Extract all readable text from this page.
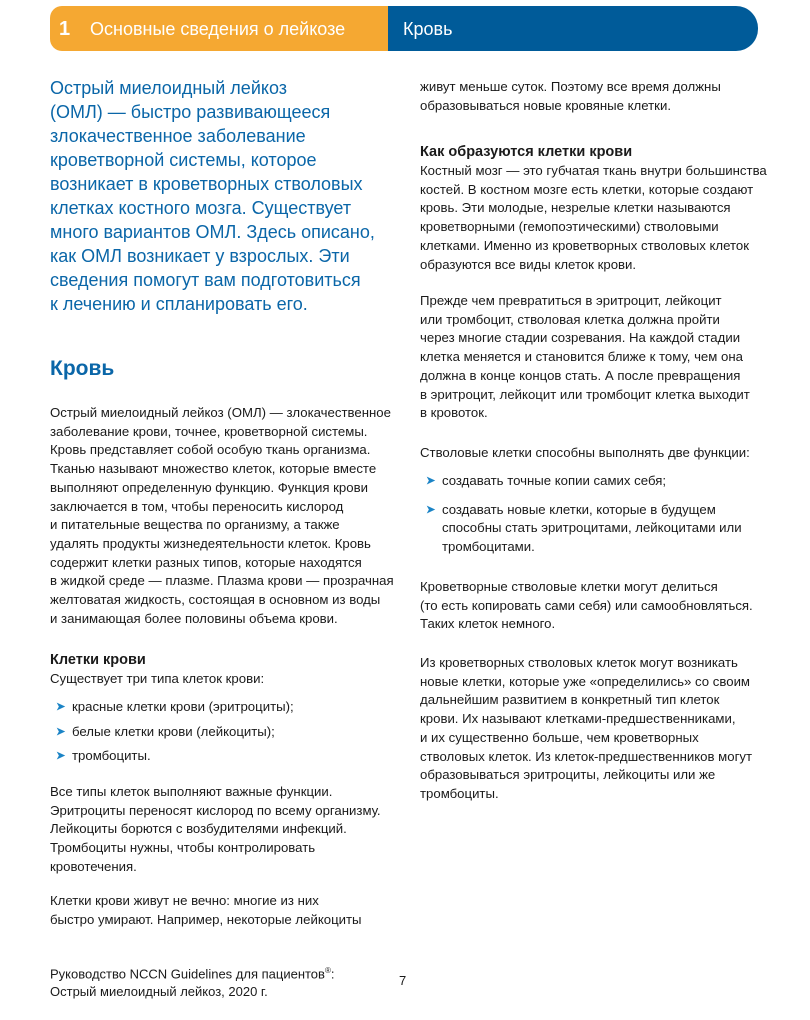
1 Основные сведения о лейкозе	Кровь

Острый миелоидный лейкоз
(ОМЛ) — быстро развивающееся
злокачественное заболевание
кроветворной системы, которое
возникает в кроветворных стволовых
клетках костного мозга. Существует
много вариантов ОМЛ. Здесь описано,
как ОМЛ возникает у взрослых. Эти
сведения помогут вам подготовиться
к лечению и спланировать его.

Кровь

Острый миелоидный лейкоз (ОМЛ) — злокачественное
заболевание крови, точнее, кроветворной системы.
Кровь представляет собой особую ткань организма.
Тканью называют множество клеток, которые вместе
выполняют определенную функцию. Функция крови
заключается в том, чтобы переносить кислород
и питательные вещества по организму, а также
удалять продукты жизнедеятельности клеток. Кровь
содержит клетки разных типов, которые находятся
в жидкой среде — плазме. Плазма крови — прозрачная
желтоватая жидкость, состоящая в основном из воды
и занимающая более половины объема крови.

Клетки крови

Существует три типа клеток крови:

➤ красные клетки крови (эритроциты);
➤ белые клетки крови (лейкоциты);
➤ тромбоциты.

Все типы клеток выполняют важные функции.
Эритроциты переносят кислород по всему организму.
Лейкоциты борются с возбудителями инфекций.
Тромбоциты нужны, чтобы контролировать
кровотечения.

Клетки крови живут не вечно: многие из них
быстро умирают. Например, некоторые лейкоциты

живут меньше суток. Поэтому все время должны
образовываться новые кровяные клетки.

Как образуются клетки крови

Костный мозг — это губчатая ткань внутри большинства
костей. В костном мозге есть клетки, которые создают
кровь. Эти молодые, незрелые клетки называются
кроветворными (гемопоэтическими) стволовыми
клетками. Именно из кроветворных стволовых клеток
образуются все виды клеток крови.

Прежде чем превратиться в эритроцит, лейкоцит
или тромбоцит, стволовая клетка должна пройти
через многие стадии созревания. На каждой стадии
клетка меняется и становится ближе к тому, чем она
должна в конце концов стать. А после превращения
в эритроцит, лейкоцит или тромбоцит клетка выходит
в кровоток.

Стволовые клетки способны выполнять две функции:

➤ создавать точные копии самих себя;
➤ создавать новые клетки, которые в будущем
способны стать эритроцитами, лейкоцитами или
тромбоцитами.

Кроветворные стволовые клетки могут делиться
(то есть копировать сами себя) или самообновляться.
Таких клеток немного.

Из кроветворных стволовых клеток могут возникать
новые клетки, которые уже «определились» со своим
дальнейшим развитием в конкретный тип клеток
крови. Их называют клетками-предшественниками,
и их существенно больше, чем кроветворных
стволовых клеток. Из клеток-предшественников могут
образовываться эритроциты, лейкоциты или же
тромбоциты.

Руководство NCCN Guidelines для пациентов®:
Острый миелоидный лейкоз, 2020 г.
7
